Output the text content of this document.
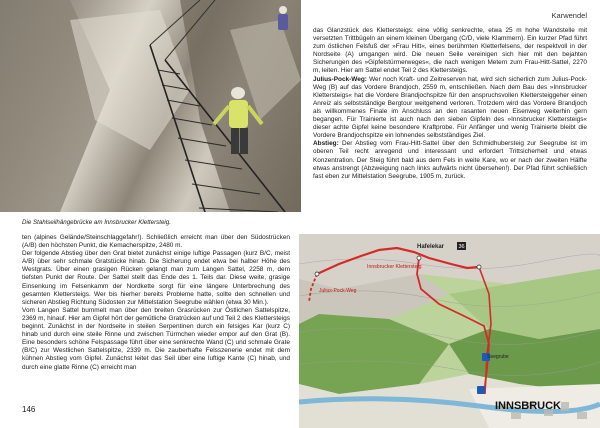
Die Stahlseilhängebrücke am Innsbrucker Klettersteig.
Karwendel

ten (alpines Gelände/Steinschlaggefahr!). Schließlich erreicht man über den Südostrücken (A/B) den höchsten Punkt, die Kemacherspitze, 2480 m.

Der folgende Abstieg über den Grat bietet zunächst einige luftige Passagen (kurz B/C, meist A/B) über sehr schmale Gratstücke hinab. Die Sicherung endet etwa bei halber Höhe des Westgrats. Über einen grasigen Rücken gelangt man zum Langen Sattel, 2258 m, dem tiefsten Punkt der Route. Der Sattel stellt das Ende des 1. Teils dar. Diese weite, grasige Einsenkung im Felsenkamm der Nordkette sorgt für eine längere Unterbrechung des gesamten Klettersteigs. Wer bis hierher bereits Probleme hatte, sollte den schnellen und sicheren Abstieg Richtung Südosten zur Mittelstation Seegrube wählen (etwa 30 Min.).

Vom Langen Sattel bummelt man über den breiten Grasrücken zur Östlichen Sattelspitze, 2369 m, hinauf. Hier am Gipfel hört der gemütliche Gratrücken auf und Teil 2 des Klettersteigs beginnt. Zunächst in der Nordseite in steilen Serpentinen durch ein felsiges Kar (kurz C) hinab und durch eine steile Rinne und zwischen Türmchen wieder empor auf den Grat (B). Eine besonders schöne Felspassage führt über eine senkrechte Wand (C) und schmale Grate (B/C) zur Westlichen Sattelspitze, 2339 m. Die zauberhafte Felsszenerie endet mit dem kühnen Abstieg vom Gipfel. Zunächst leitet das Seil über eine luftige Kante (C) hinab, und durch eine glatte Rinne (C) erreicht man

das Glanzstück des Klettersteigs: eine völlig senkrechte, etwa 25 m hohe Wandstelle mit versetzten Trittbügeln an einem kleinen Übergang (C/D, viele Klammern). Ein kurzer Pfad führt zum östlichen Felsfuß der »Frau Hitt«, eines berühmten Kletterfelsens, der respektvoll in der Nordseite (A) umgangen wird. Die neuen Seile vereinigen sich hier mit den bejahten Sicherungen des »Gipfelstürmerweges«, die nach wenigen Metern zum Frau-Hitt-Sattel, 2270 m, leiten. Hier am Sattel endet Teil 2 des Klettersteigs.

Julius-Pock-Weg: Wer noch Kraft- und Zeitreserven hat, wird sich sicherlich zum Julius-Pock-Weg (B) auf das Vordere Brandjoch, 2559 m, entschließen. Nach dem Bau des »Innsbrucker Klettersteigs« hat die Vordere Brandjochspitze für den anspruchsvollen Klettersteiggeher einen Anreiz als selbstständige Bergtour weitgehend verloren. Trotzdem wird das Vordere Brandjoch als willkommenes Finale im Anschluss an den rasanten neuen Eisenweg weiterhin gern begangen. Für Trainierte ist auch nach den sieben Gipfeln des »Innsbrucker Klettersteigs« dieser achte Gipfel keine besondere Kraftprobe. Für Anfänger und wenig Trainierte bleibt die Vordere Brandjochspitze ein lohnendes selbstständiges Ziel.

Abstieg: Der Abstieg vom Frau-Hitt-Sattel über den Schmidhubersteig zur Seegrube ist im oberen Teil recht anregend und interessant und erfordert Trittsicherheit und etwas Konzentration. Der Steig führt bald aus dem Fels in weite Kare, wo er nach der zweiten Hälfte etwas anstrengt (Abzweigung nach links aufwärts nicht übersehen!). Der Pfad führt schließlich fast eben zur Mittelstation Seegrube, 1905 m, zurück.

Innsbrucker Klettersteig
Julius-Pock-Weg
Hafelekar	36
Seegrube
INNSBRUCK
146
